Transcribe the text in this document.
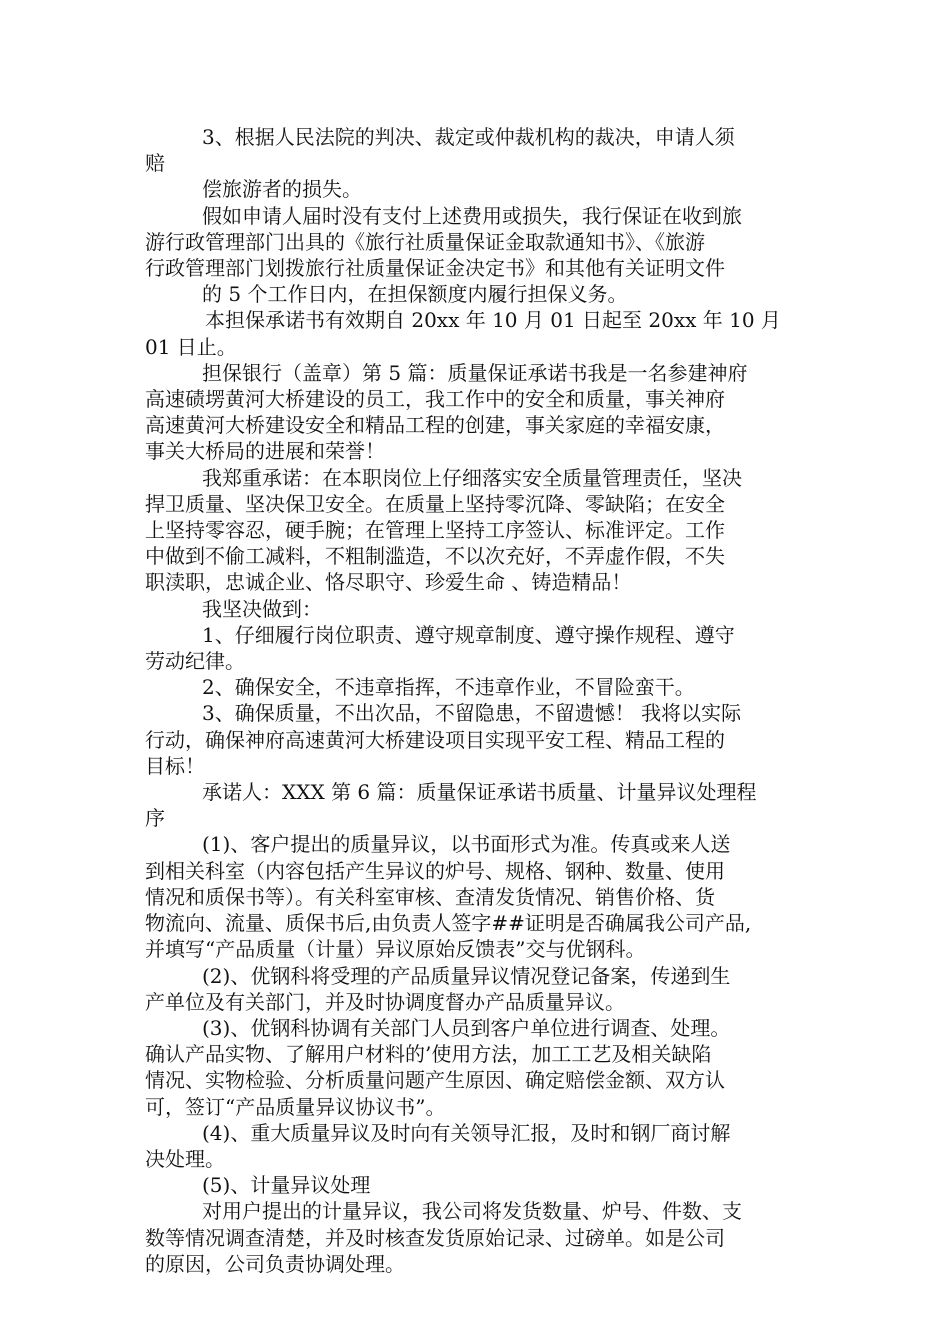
3、根据人民法院的判决、裁定或仲裁机构的裁决，申请人须
赔
偿旅游者的损失。
假如申请人届时没有支付上述费用或损失，我行保证在收到旅
游行政管理部门出具的《旅行社质量保证金取款通知书》、《旅游
行政管理部门划拨旅行社质量保证金决定书》和其他有关证明文件
的 5 个工作日内，在担保额度内履行担保义务。
本担保承诺书有效期自 20xx 年 10 月 01 日起至 20xx 年 10 月
01 日止。
担保银行（盖章）第 5 篇：质量保证承诺书我是一名参建神府
高速碛塄黄河大桥建设的员工，我工作中的安全和质量，事关神府
高速黄河大桥建设安全和精品工程的创建，事关家庭的幸福安康，
事关大桥局的进展和荣誉！
我郑重承诺：在本职岗位上仔细落实安全质量管理责任，坚决
捍卫质量、坚决保卫安全。在质量上坚持零沉降、零缺陷；在安全
上坚持零容忍，硬手腕；在管理上坚持工序签认、标准评定。工作
中做到不偷工减料，不粗制滥造，不以次充好，不弄虚作假，不失
职渎职，忠诚企业、恪尽职守、珍爱生命 、铸造精品！
我坚决做到：
1、仔细履行岗位职责、遵守规章制度、遵守操作规程、遵守
劳动纪律。
2、确保安全，不违章指挥，不违章作业，不冒险蛮干。
3、确保质量，不出次品，不留隐患，不留遗憾！ 我将以实际
行动，确保神府高速黄河大桥建设项目实现平安工程、精品工程的
目标！
承诺人：XXX 第 6 篇：质量保证承诺书质量、计量异议处理程
序
(1)、客户提出的质量异议，以书面形式为准。传真或来人送
到相关科室（内容包括产生异议的炉号、规格、钢种、数量、使用
情况和质保书等）。有关科室审核、查清发货情况、销售价格、货
物流向、流量、质保书后,由负责人签字##证明是否确属我公司产品,
并填写“产品质量（计量）异议原始反馈表”交与优钢科。
(2)、优钢科将受理的产品质量异议情况登记备案，传递到生
产单位及有关部门，并及时协调度督办产品质量异议。
(3)、优钢科协调有关部门人员到客户单位进行调查、处理。
确认产品实物、了解用户材料的’使用方法，加工工艺及相关缺陷
情况、实物检验、分析质量问题产生原因、确定赔偿金额、双方认
可，签订“产品质量异议协议书”。
(4)、重大质量异议及时向有关领导汇报，及时和钢厂商讨解
决处理。
(5)、计量异议处理
对用户提出的计量异议，我公司将发货数量、炉号、件数、支
数等情况调查清楚，并及时核查发货原始记录、过磅单。如是公司
的原因，公司负责协调处理。
